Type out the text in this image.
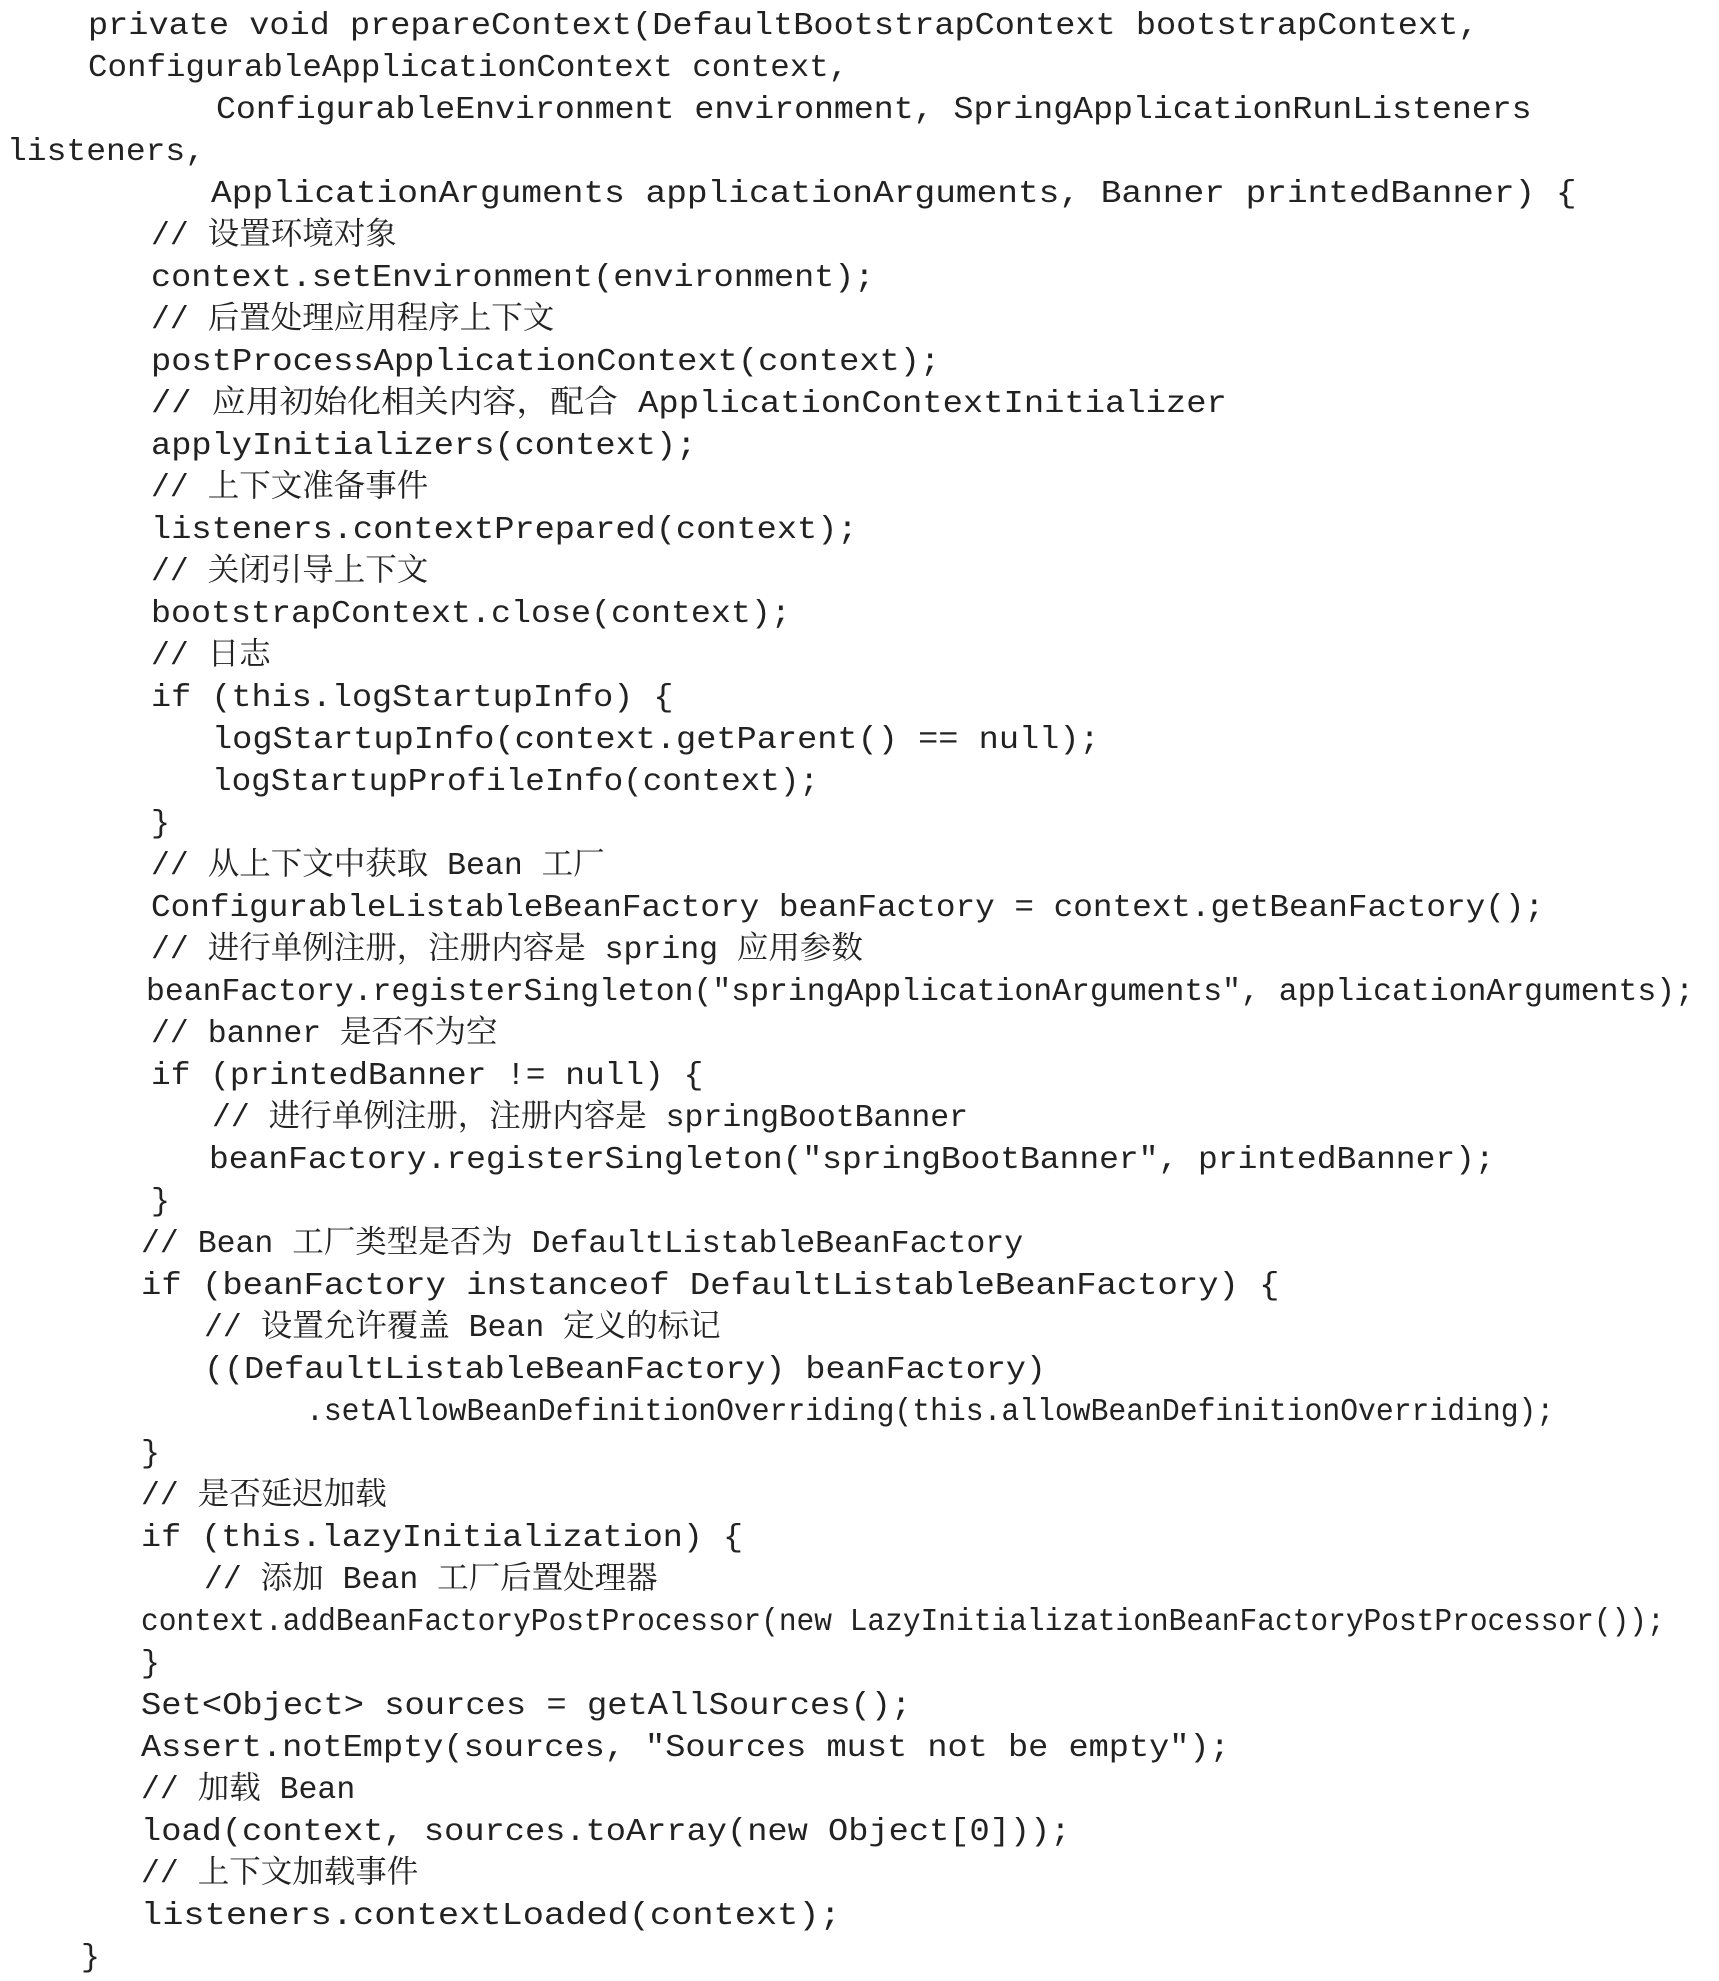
private void prepareContext(DefaultBootstrapContext bootstrapContext,
ConfigurableApplicationContext context,
ConfigurableEnvironment environment, SpringApplicationRunListeners
listeners,
ApplicationArguments applicationArguments, Banner printedBanner) {
// 设置环境对象
context.setEnvironment(environment);
// 后置处理应用程序上下文
postProcessApplicationContext(context);
// 应用初始化相关内容，配合 ApplicationContextInitializer
applyInitializers(context);
// 上下文准备事件
listeners.contextPrepared(context);
// 关闭引导上下文
bootstrapContext.close(context);
// 日志
if (this.logStartupInfo) {
logStartupInfo(context.getParent() == null);
logStartupProfileInfo(context);
}
// 从上下文中获取 Bean 工厂
ConfigurableListableBeanFactory beanFactory = context.getBeanFactory();
// 进行单例注册，注册内容是 spring 应用参数
beanFactory.registerSingleton("springApplicationArguments", applicationArguments);
// banner 是否不为空
if (printedBanner != null) {
// 进行单例注册，注册内容是 springBootBanner
beanFactory.registerSingleton("springBootBanner", printedBanner);
}
// Bean 工厂类型是否为 DefaultListableBeanFactory
if (beanFactory instanceof DefaultListableBeanFactory) {
// 设置允许覆盖 Bean 定义的标记
((DefaultListableBeanFactory) beanFactory)
.setAllowBeanDefinitionOverriding(this.allowBeanDefinitionOverriding);
}
// 是否延迟加载
if (this.lazyInitialization) {
// 添加 Bean 工厂后置处理器
context.addBeanFactoryPostProcessor(new LazyInitializationBeanFactoryPostProcessor());
}
Set<Object> sources = getAllSources();
Assert.notEmpty(sources, "Sources must not be empty");
// 加载 Bean
load(context, sources.toArray(new Object[0]));
// 上下文加载事件
listeners.contextLoaded(context);
}
